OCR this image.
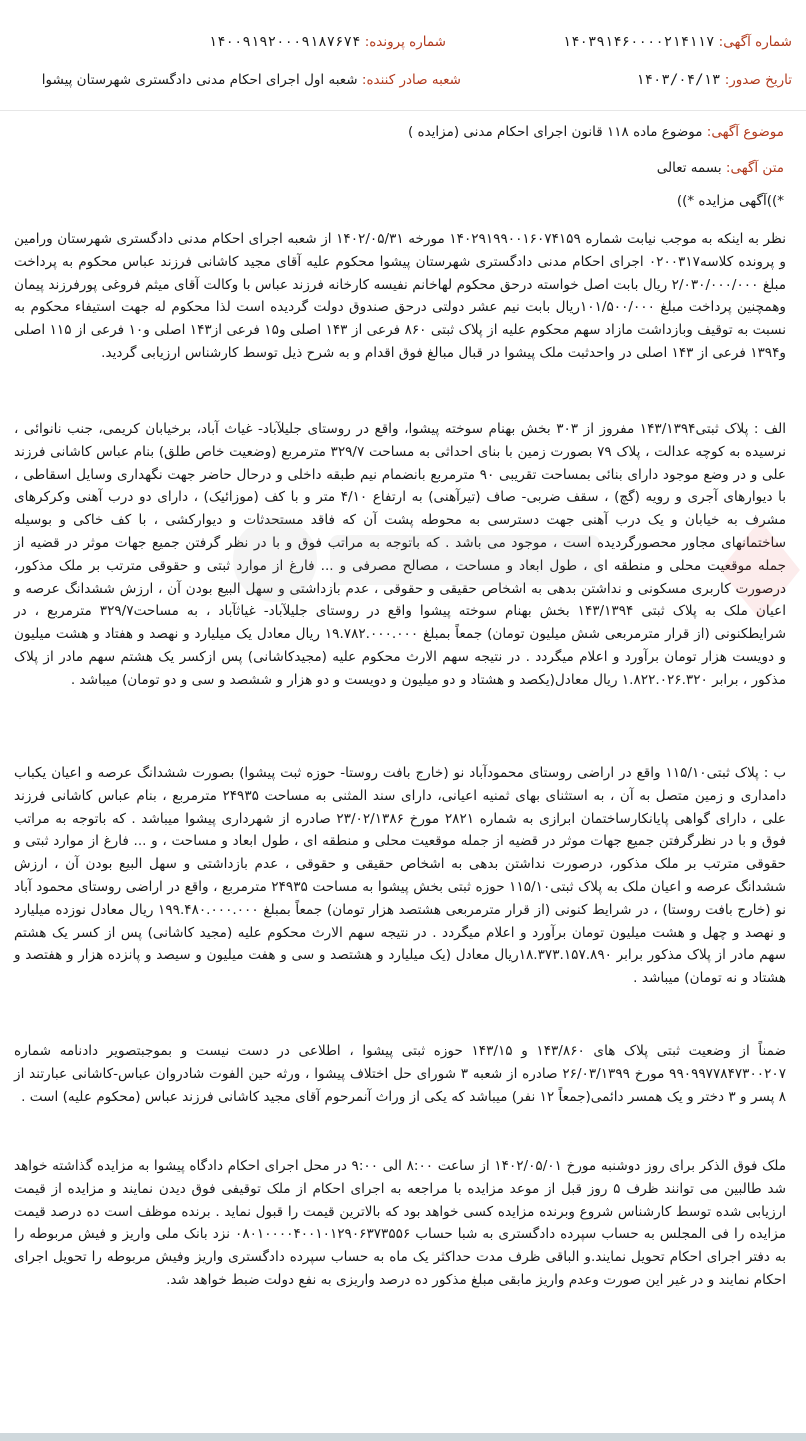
شماره آگهی: ۱۴۰۳۹۱۴۶۰۰۰۰۲۱۴۱۱۷
شماره پرونده: ۱۴۰۰۹۱۹۲۰۰۰۹۱۸۷۶۷۴
تاریخ صدور: ۱۴۰۳/۰۴/۱۳
شعبه صادر کننده: شعبه اول اجرای احکام مدنی دادگستری شهرستان پیشوا
موضوع آگهی: موضوع ماده ۱۱۸ قانون اجرای احکام مدنی (مزایده )
متن آگهی: بسمه تعالی
*))آگهی مزایده *))

نظر به اینکه به موجب نیابت شماره ۱۴۰۲۹۱۹۹۰۰۱۶۰۷۴۱۵۹ مورخه ۱۴۰۲/۰۵/۳۱ از شعبه اجرای احکام مدنی دادگستری شهرستان ورامین و پرونده کلاسه۰۲۰۰۳۱۷ اجرای احکام مدنی دادگستری شهرستان پیشوا محکوم علیه آقای مجید کاشانی فرزند عباس محکوم به پرداخت مبلغ ۲/۰۳۰/۰۰۰/۰۰۰ ریال بابت اصل خواسته درحق محکوم لهاخانم نفیسه کارخانه فرزند عباس با وکالت آقای میثم فروغی پورفرزند پیمان وهمچنین پرداخت مبلغ ۱۰۱/۵۰۰/۰۰۰ریال بابت نیم عشر دولتی درحق صندوق دولت گردیده است لذا محکوم له جهت استیفاء محکوم به نسبت به توقیف وبازداشت مازاد سهم محکوم علیه از پلاک ثبتی ۸۶۰ فرعی از ۱۴۳ اصلی و۱۵ فرعی از۱۴۳ اصلی و۱۰ فرعی از ۱۱۵ اصلی و۱۳۹۴ فرعی از ۱۴۳ اصلی در واحدثبت ملک پیشوا در قبال مبالغ فوق اقدام و به شرح ذیل توسط کارشناس ارزیابی گردید.

الف : پلاک ثبتی۱۴۳/۱۳۹۴ مفروز از ۳۰۳ بخش بهنام سوخته پیشوا، واقع در روستای جلیلآباد- غیاث آباد، برخیابان کریمی، جنب نانوائی ، نرسیده به کوچه عدالت ، پلاک ۷۹ بصورت زمین با بنای احداثی به مساحت ۳۲۹/۷ مترمربع (وضعیت خاص طلق) بنام عباس کاشانی فرزند علی و در وضع موجود دارای بنائی بمساحت تقریبی ۹۰ مترمربع بانضمام نیم طبقه داخلی و درحال حاضر جهت نگهداری وسایل اسقاطی ، با دیوارهای آجری و رویه (گچ) ، سقف ضربی- صاف (تیرآهنی) به ارتفاع ۴/۱۰ متر و با کف (موزائیک) ، دارای دو درب آهنی وکرکرهای مشرف به خیابان و یک درب آهنی جهت دسترسی به محوطه پشت آن که فاقد مستحدثات و دیوارکشی ، با کف خاکی و بوسیله ساختمانهای مجاور محصورگردیده است ، موجود می باشد . که باتوجه به مراتب فوق و با در نظر گرفتن جمیع جهات موثر در قضیه از جمله موقعیت محلی و منطقه ای ، طول ابعاد و مساحت ، مصالح مصرفی و ... فارغ از موارد ثبتی و حقوقی مترتب بر ملک مذکور، درصورت کاربری مسکونی و نداشتن بدهی به اشخاص حقیقی و حقوقی ، عدم بازداشتی و سهل البیع بودن آن ، ارزش ششدانگ عرصه و اعیان ملک به پلاک ثبتی ۱۴۳/۱۳۹۴ بخش بهنام سوخته پیشوا واقع در روستای جلیلآباد- غیاثآباد ، به مساحت۳۲۹/۷ مترمربع ، در شرایطکنونی (از قرار مترمربعی شش میلیون تومان) جمعاً بمبلغ ۱۹.۷۸۲.۰۰۰.۰۰۰ ریال معادل یک میلیارد و نهصد و هفتاد و هشت میلیون و دویست هزار تومان برآورد و اعلام میگردد . در نتیجه سهم الارث محکوم علیه (مجیدکاشانی) پس ازکسر یک هشتم سهم مادر از پلاک مذکور ، برابر ۱.۸۲۲.۰۲۶.۳۲۰ ریال معادل(یکصد و هشتاد و دو میلیون و دویست و دو هزار و ششصد و سی و دو تومان) میباشد .

ب : پلاک ثبتی۱۱۵/۱۰ واقع در اراضی روستای محمودآباد نو (خارج بافت روستا- حوزه ثبت پیشوا) بصورت ششدانگ عرصه و اعیان یکباب دامداری و زمین متصل به آن ، به استثنای بهای ثمنیه اعیانی، دارای سند المثنی به مساحت ۲۴۹۳۵ مترمربع ، بنام عباس کاشانی فرزند علی ، دارای گواهی پایانکارساختمان ابرازی به شماره ۲۸۲۱ مورخ ۲۳/۰۲/۱۳۸۶ صادره از شهرداری پیشوا میباشد . که باتوجه به مراتب فوق و با در نظرگرفتن جمیع جهات موثر در قضیه از جمله موقعیت محلی و منطقه ای ، طول ابعاد و مساحت ، و ... فارغ از موارد ثبتی و حقوقی مترتب بر ملک مذکور، درصورت نداشتن بدهی به اشخاص حقیقی و حقوقی ، عدم بازداشتی و سهل البیع بودن آن ، ارزش ششدانگ عرصه و اعیان ملک به پلاک ثبتی۱۱۵/۱۰ حوزه ثبتی بخش پیشوا به مساحت ۲۴۹۳۵ مترمربع ، واقع در اراضی روستای محمود آباد نو (خارج بافت روستا) ، در شرایط کنونی (از قرار مترمربعی هشتصد هزار تومان) جمعاً بمبلغ ۱۹۹.۴۸۰.۰۰۰.۰۰۰ ریال معادل نوزده میلیارد و نهصد و چهل و هشت میلیون تومان برآورد و اعلام میگردد . در نتیجه سهم الارث محکوم علیه (مجید کاشانی) پس از کسر یک هشتم سهم مادر از پلاک مذکور برابر ۱۸.۳۷۳.۱۵۷.۸۹۰ریال معادل (یک میلیارد و هشتصد و سی و هفت میلیون و سیصد و پانزده هزار و هفتصد و هشتاد و نه تومان) میباشد .

ضمناً از وضعیت ثبتی پلاک های ۱۴۳/۸۶۰ و ۱۴۳/۱۵ حوزه ثبتی پیشوا ، اطلاعی در دست نیست و بموجبتصویر دادنامه شماره ۹۹۰۹۹۷۷۸۴۷۳۰۰۲۰۷ مورخ ۲۶/۰۳/۱۳۹۹ صادره از شعبه ۳ شورای حل اختلاف پیشوا ، ورثه حین الفوت شادروان عباس-کاشانی عبارتند از ۸ پسر و ۳ دختر و یک همسر دائمی(جمعاً ۱۲ نفر) میباشد که یکی از وراث آنمرحوم آقای مجید کاشانی فرزند عباس (محکوم علیه) است .

ملک فوق الذکر برای روز دوشنبه مورخ ۱۴۰۲/۰۵/۰۱ از ساعت ۸:۰۰ الی ۹:۰۰ در محل اجرای احکام دادگاه پیشوا به مزایده گذاشته خواهد شد طالبین می توانند ظرف ۵ روز قبل از موعد مزایده با مراجعه به اجرای احکام از ملک توقیفی فوق دیدن نمایند و مزایده از قیمت ارزیابی شده توسط کارشناس شروع وبرنده مزایده کسی خواهد بود که بالاترین قیمت را قبول نماید . برنده موظف است ده درصد قیمت مزایده را فی المجلس به حساب سپرده دادگستری به شبا حساب ۰۸۰۱۰۰۰۰۴۰۰۱۰۱۲۹۰۶۳۷۳۵۵۶ نزد بانک ملی واریز و فیش مربوطه را به دفتر اجرای احکام تحویل نمایند.و الباقی ظرف مدت حداکثر یک ماه به حساب سپرده دادگستری واریز وفیش مربوطه را تحویل اجرای احکام نمایند و در غیر این صورت وعدم واریز مابقی مبلغ مذکور ده درصد واریزی به نفع دولت ضبط خواهد شد.
